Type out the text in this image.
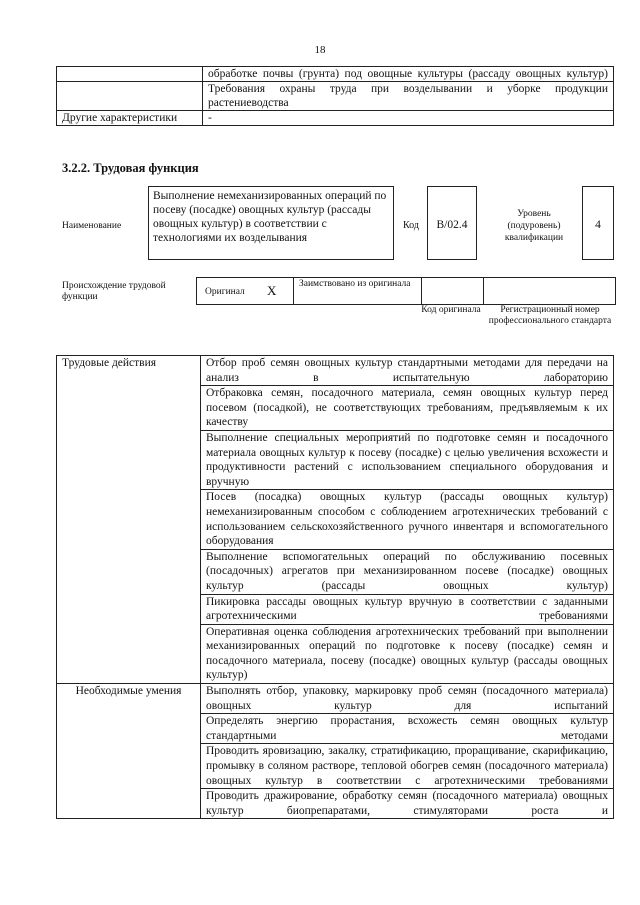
18
	обработке почвы (грунта) под овощные культуры (рассаду овощных культур)
	Требования охраны труда при возделывании и уборке продукции растениеводства
Другие характеристики	-
3.2.2. Трудовая функция
Наименование
Выполнение немеханизированных операций по посеву (посадке) овощных культур (рассады овощных культур) в соответствии с технологиями их возделывания
Код	B/02.4
Уровень (подуровень) квалификации
4
Происхождение трудовой функции	Оригинал X Заимствовано из оригинала
Код оригинала	Регистрационный номер профессионального стандарта
Трудовые действия	Отбор проб семян овощных культур стандартными методами для передачи на анализ в испытательную лабораторию
	Отбраковка семян, посадочного материала, семян овощных культур перед посевом (посадкой), не соответствующих требованиям, предъявляемым к их качеству
	Выполнение специальных мероприятий по подготовке семян и посадочного материала овощных культур к посеву (посадке) с целью увеличения всхожести и продуктивности растений с использованием специального оборудования и вручную
	Посев (посадка) овощных культур (рассады овощных культур) немеханизированным способом с соблюдением агротехнических требований с использованием сельскохозяйственного ручного инвентаря и вспомогательного оборудования
	Выполнение вспомогательных операций по обслуживанию посевных (посадочных) агрегатов при механизированном посеве (посадке) овощных культур (рассады овощных культур)
	Пикировка рассады овощных культур вручную в соответствии с заданными агротехническими требованиями
	Оперативная оценка соблюдения агротехнических требований при выполнении механизированных операций по подготовке к посеву (посадке) семян и посадочного материала, посеву (посадке) овощных культур (рассады овощных культур)
Необходимые умения	Выполнять отбор, упаковку, маркировку проб семян (посадочного материала) овощных культур для испытаний
	Определять энергию прорастания, всхожесть семян овощных культур стандартными методами
	Проводить яровизацию, закалку, стратификацию, проращивание, скарификацию, промывку в соляном растворе, тепловой обогрев семян (посадочного материала) овощных культур в соответствии с агротехническими требованиями
	Проводить дражирование, обработку семян (посадочного материала) овощных культур биопрепаратами, стимуляторами роста и
